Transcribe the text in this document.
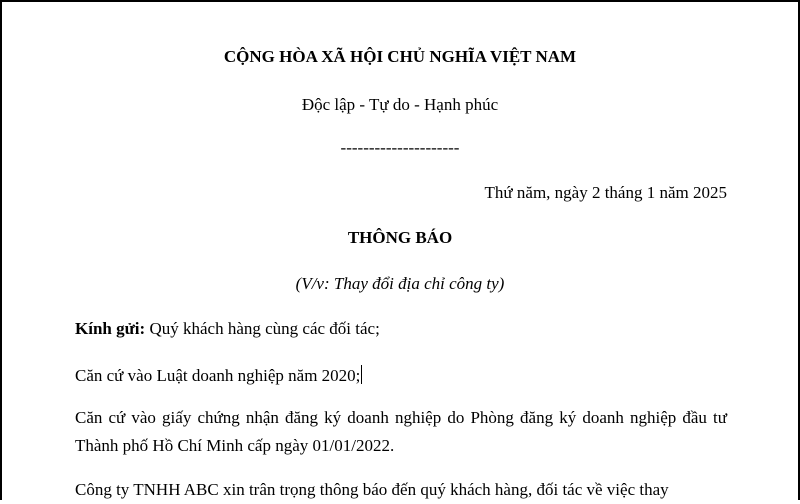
CỘNG HÒA XÃ HỘI CHỦ NGHĨA VIỆT NAM
Độc lập - Tự do - Hạnh phúc
---------------------
Thứ năm, ngày 2 tháng 1 năm 2025
THÔNG BÁO
(V/v: Thay đổi địa chỉ công ty)
Kính gửi: Quý khách hàng cùng các đối tác;
Căn cứ vào Luật doanh nghiệp năm 2020;
Căn cứ vào giấy chứng nhận đăng ký doanh nghiệp do Phòng đăng ký doanh nghiệp đầu tư Thành phố Hồ Chí Minh cấp ngày 01/01/2022.
Công ty TNHH ABC xin trân trọng thông báo đến quý khách hàng, đối tác về việc thay
